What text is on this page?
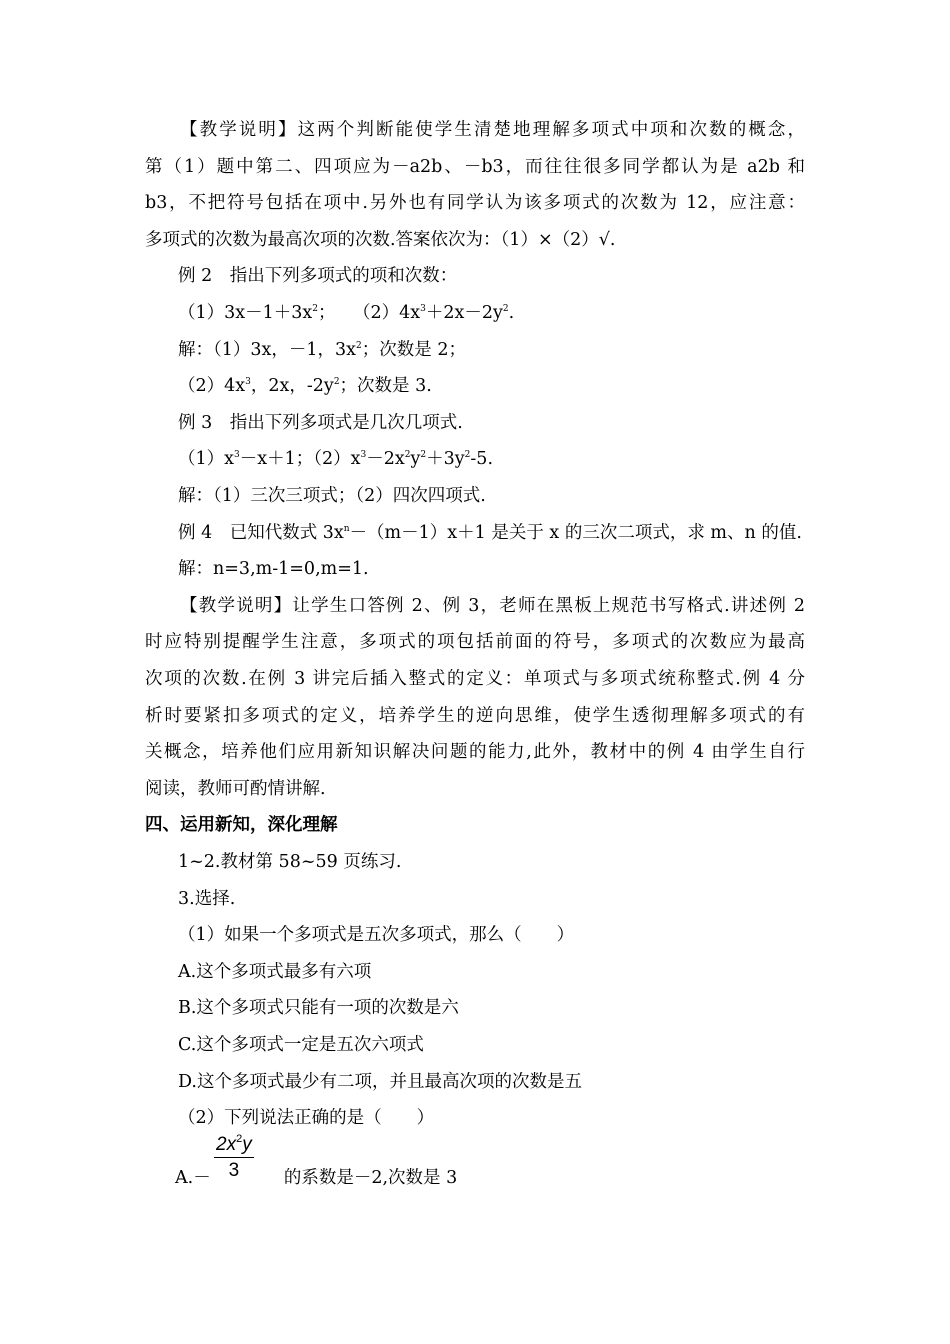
【教学说明】这两个判断能使学生清楚地理解多项式中项和次数的概念，
第（1）题中第二、四项应为－a2b、－b3，而往往很多同学都认为是 a2b 和
b3，不把符号包括在项中.另外也有同学认为该多项式的次数为 12，应注意：
多项式的次数为最高次项的次数.答案依次为：（1）×（2）√.
例 2　指出下列多项式的项和次数：
$(1)3x-1+3x^2$；　　$(2)4x^3+2x-2y^2$.
解：（1）3x，－1，$3x^2$；次数是 2；
$(2)4x^3$，2x，$-2y^2$；次数是 3.
例 3　指出下列多项式是几次几项式.
$(1)x^3-x+1$；$(2)x^3-2x^2y^2+3y^2-5$.
解：（1）三次三项式；（2）四次四项式.
例 4　已知代数式 $3x^n-(m-1)x+1$ 是关于 x 的三次二项式，求 m、n 的值.
解：n=3,m-1=0,m=1.
【教学说明】让学生口答例 2、例 3，老师在黑板上规范书写格式.讲述例 2
时应特别提醒学生注意，多项式的项包括前面的符号，多项式的次数应为最高
次项的次数.在例 3 讲完后插入整式的定义：单项式与多项式统称整式.例 4 分
析时要紧扣多项式的定义，培养学生的逆向思维，使学生透彻理解多项式的有
关概念，培养他们应用新知识解决问题的能力,此外，教材中的例 4 由学生自行
阅读，教师可酌情讲解.
四、运用新知，深化理解
1~2.教材第 58~59 页练习.
3.选择.
（1）如果一个多项式是五次多项式，那么（　　）
A.这个多项式最多有六项
B.这个多项式只能有一项的次数是六
C.这个多项式一定是五次六项式
D.这个多项式最少有二项，并且最高次项的次数是五
（2）下列说法正确的是（　　）
A.－	的系数是－2,次数是 3
$\frac{2x^2y}{3}$
